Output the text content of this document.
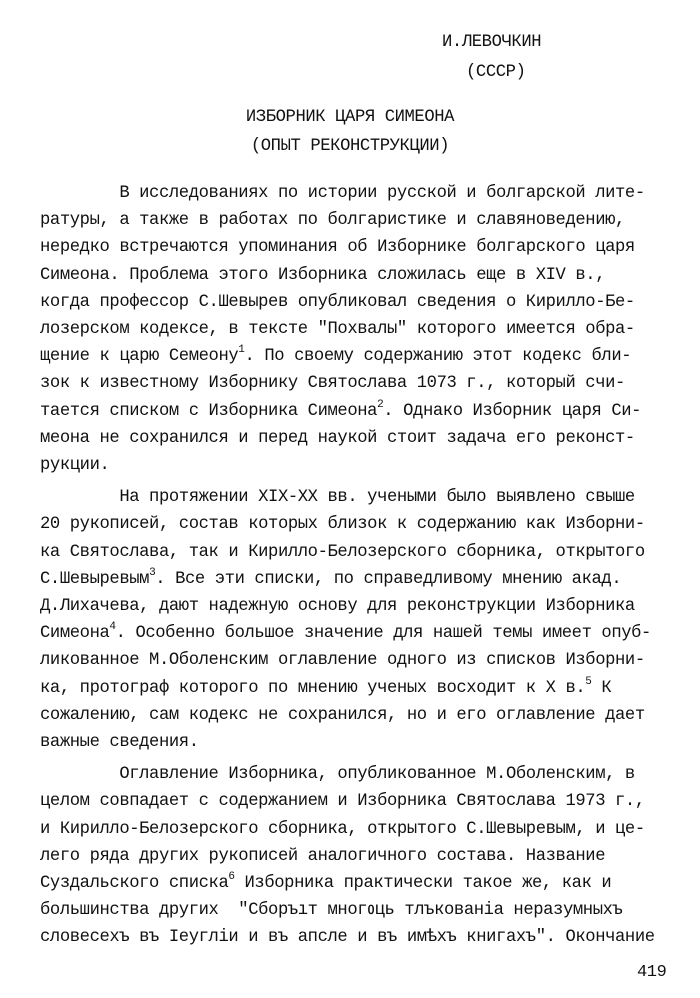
И.ЛЕВОЧКИН
(СССР)
ИЗБОРНИК ЦАРЯ СИМЕОНА
(ОПЫТ РЕКОНСТРУКЦИИ)
В исследованиях по истории русской и болгарской лите-
ратуры, а также в работах по болгаристике и славяноведению,
нередко встречаются упоминания об Изборнике болгарского царя
Симеона. Проблема этого Изборника сложилась еще в XIV в.,
когда профессор С.Шевырев опубликовал сведения о Кирилло-Бе-
лозерском кодексе, в тексте "Похвалы" которого имеется обра-
щение к царю Семеону$^1$. По своему содержанию этот кодекс бли-
зок к известному Изборнику Святослава 1073 г., который счи-
тается списком с Изборника Симеона$^2$. Однако Изборник царя Си-
меона не сохранился и перед наукой стоит задача его реконст-
рукции.
На протяжении XIX-XX вв. учеными было выявлено свыше
20 рукописей, состав которых близок к содержанию как Изборни-
ка Святослава, так и Кирилло-Белозерского сборника, открытого
С.Шевыревым$^3$. Все эти списки, по справедливому мнению акад.
Д.Лихачева, дают надежную основу для реконструкции Изборника
Симеона$^4$. Особенно большое значение для нашей темы имеет опуб-
ликованное М.Оболенским оглавление одного из списков Изборни-
ка, протограф которого по мнению ученых восходит к Х в.$^5$ К
сожалению, сам кодекс не сохранился, но и его оглавление дает
важные сведения.
Оглавление Изборника, опубликованное М.Оболенским, в
целом совпадает с содержанием и Изборника Святослава 1973 г.,
и Кирилло-Белозерского сборника, открытого С.Шевыревым, и це-
лего ряда других рукописей аналогичного состава. Название
Суздальского списка$^6$ Изборника практически такое же, как и
большинства других  "Сборъıт многᲂць тлъкованiа неразумныхъ
словесехъ въ Ieyглiи и въ апсле и въ имѣхъ книгахъ". Окончание
419
